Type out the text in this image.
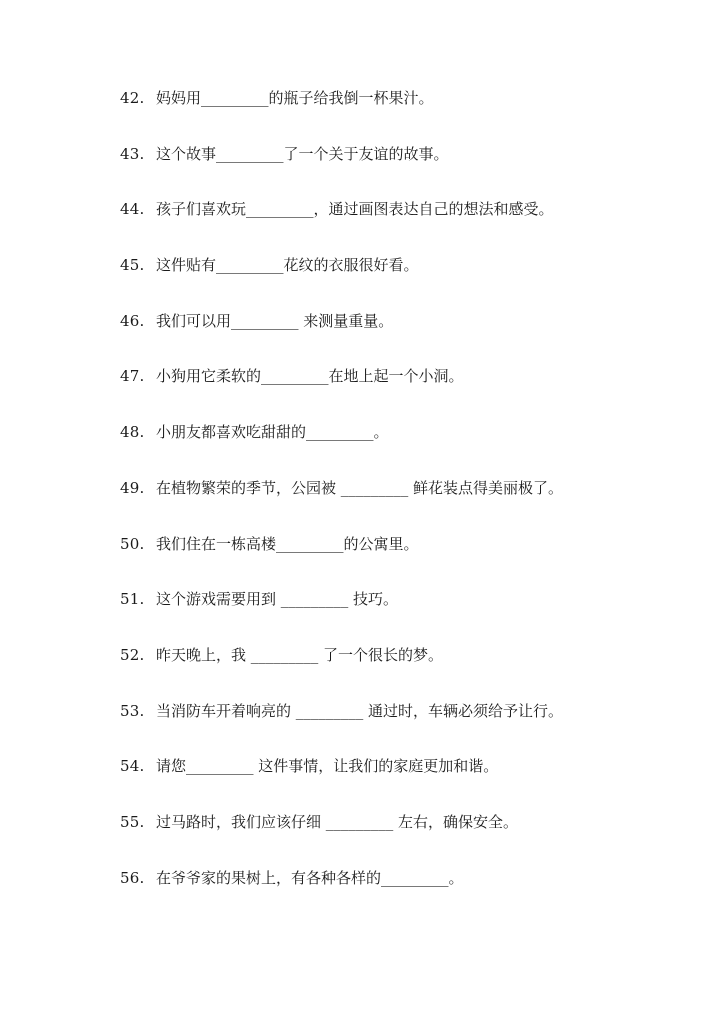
42. 妈妈用_________的瓶子给我倒一杯果汁。
43. 这个故事_________了一个关于友谊的故事。
44. 孩子们喜欢玩_________，通过画图表达自己的想法和感受。
45. 这件贴有_________花纹的衣服很好看。
46. 我们可以用_________ 来测量重量。
47. 小狗用它柔软的_________在地上起一个小洞。
48. 小朋友都喜欢吃甜甜的_________。
49. 在植物繁荣的季节，公园被 _________ 鲜花装点得美丽极了。
50. 我们住在一栋高楼_________的公寓里。
51. 这个游戏需要用到 _________ 技巧。
52. 昨天晚上，我 _________ 了一个很长的梦。
53. 当消防车开着响亮的 _________ 通过时，车辆必须给予让行。
54. 请您_________ 这件事情，让我们的家庭更加和谐。
55. 过马路时，我们应该仔细 _________ 左右，确保安全。
56. 在爷爷家的果树上，有各种各样的_________。
